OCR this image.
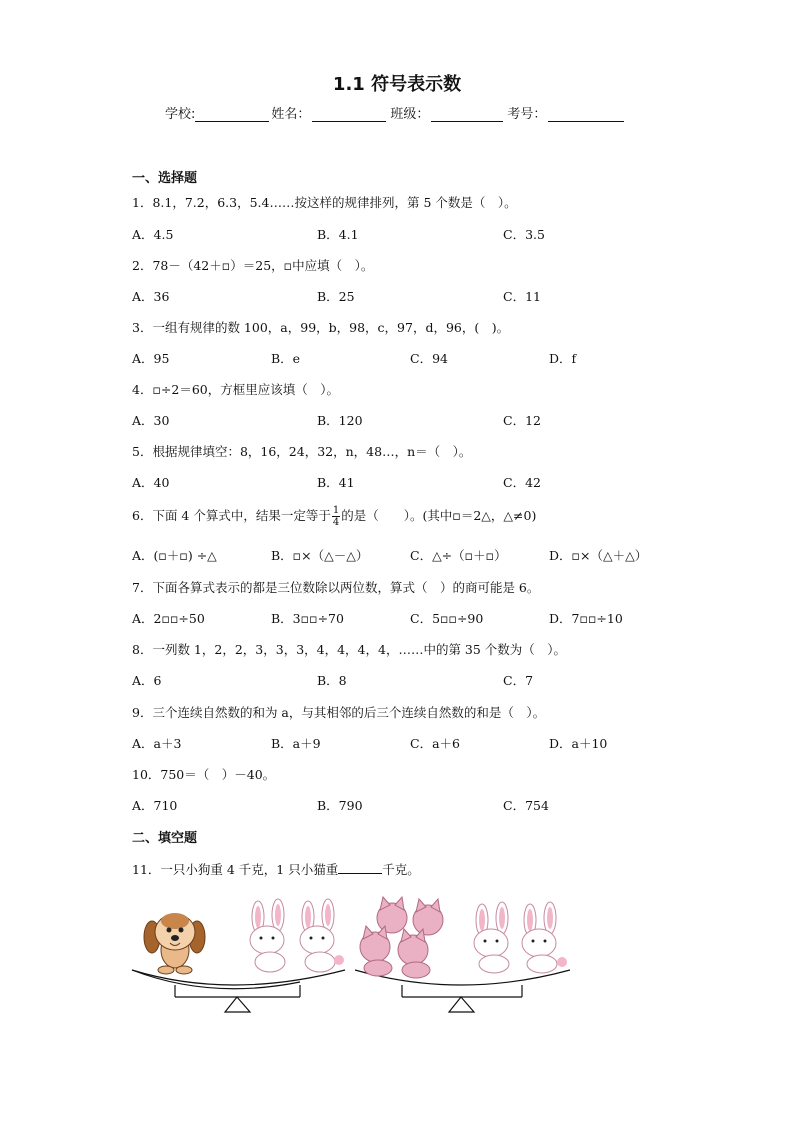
1.1 符号表示数
学校:	姓名：	班级：	考号：
一、选择题
1．8.1，7.2，6.3，5.4……按这样的规律排列，第 5 个数是（　）。
A．4.5	B．4.1	C．3.5
2．78－（42＋▫）＝25，▫中应填（　）。
A．36	B．25	C．11
3．一组有规律的数 100，a，99，b，98，c，97，d，96，(　)。
A．95	B．e	C．94	D．f
4．▫÷2＝60，方框里应该填（　）。
A．30	B．120	C．12
5．根据规律填空：8，16，24，32，n，48…，n＝（　）。
A．40	B．41	C．42
6．下面 4 个算式中，结果一定等于 $\frac{1}{4}$ 的是（　　）。(其中▫＝2△，△≠0)
A．(▫＋▫) ÷△	B．▫×（△－△）	C．△÷（▫＋▫）	D．▫×（△＋△）
7．下面各算式表示的都是三位数除以两位数，算式（　）的商可能是 6。
A．2▫▫÷50	B．3▫▫÷70	C．5▫▫÷90	D．7▫▫÷10
8．一列数 1，2，2，3，3，3，4，4，4，4，……中的第 35 个数为（　）。
A．6	B．8	C．7
9．三个连续自然数的和为 a，与其相邻的后三个连续自然数的和是（　）。
A．a＋3	B．a＋9	C．a＋6	D．a＋10
10．750＝（　）－40。
A．710	B．790	C．754
二、填空题
11．一只小狗重 4 千克，1 只小猫重	千克。
